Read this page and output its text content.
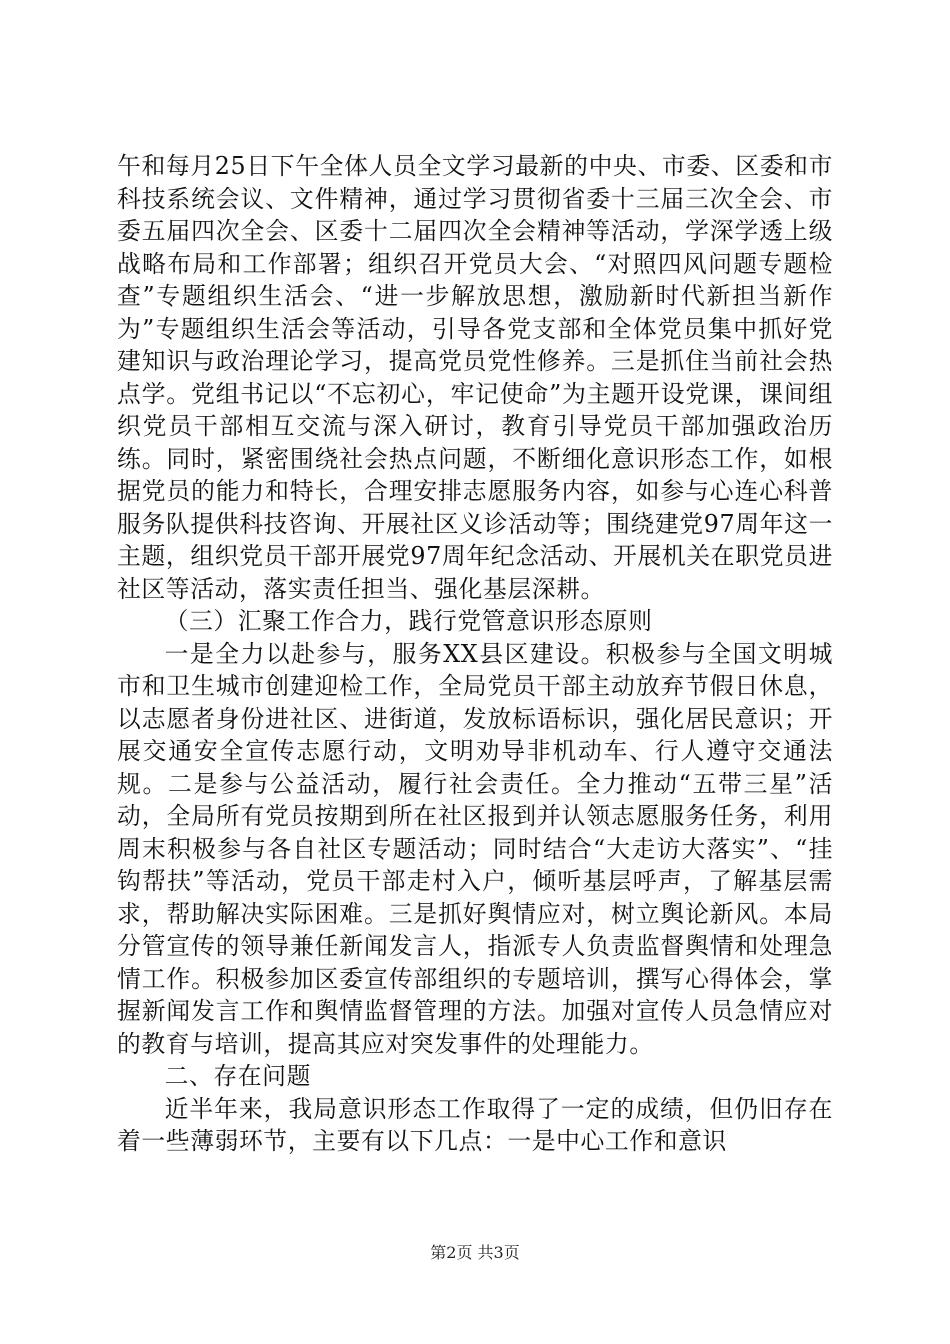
午和每月25日下午全体人员全文学习最新的中央、市委、区委和市科技系统会议、文件精神，通过学习贯彻省委十三届三次全会、市委五届四次全会、区委十二届四次全会精神等活动，学深学透上级战略布局和工作部署；组织召开党员大会、“对照四风问题专题检查”专题组织生活会、“进一步解放思想，激励新时代新担当新作为”专题组织生活会等活动，引导各党支部和全体党员集中抓好党建知识与政治理论学习，提高党员党性修养。三是抓住当前社会热点学。党组书记以“不忘初心，牢记使命”为主题开设党课，课间组织党员干部相互交流与深入研讨，教育引导党员干部加强政治历练。同时，紧密围绕社会热点问题，不断细化意识形态工作，如根据党员的能力和特长，合理安排志愿服务内容，如参与心连心科普服务队提供科技咨询、开展社区义诊活动等；围绕建党97周年这一主题，组织党员干部开展党97周年纪念活动、开展机关在职党员进社区等活动，落实责任担当、强化基层深耕。

（三）汇聚工作合力，践行党管意识形态原则

一是全力以赴参与，服务XX县区建设。积极参与全国文明城市和卫生城市创建迎检工作，全局党员干部主动放弃节假日休息，以志愿者身份进社区、进街道，发放标语标识，强化居民意识；开展交通安全宣传志愿行动，文明劝导非机动车、行人遵守交通法规。二是参与公益活动，履行社会责任。全力推动“五带三星”活动，全局所有党员按期到所在社区报到并认领志愿服务任务，利用周末积极参与各自社区专题活动；同时结合“大走访大落实”、“挂钩帮扶”等活动，党员干部走村入户，倾听基层呼声，了解基层需求，帮助解决实际困难。三是抓好舆情应对，树立舆论新风。本局分管宣传的领导兼任新闻发言人，指派专人负责监督舆情和处理急情工作。积极参加区委宣传部组织的专题培训，撰写心得体会，掌握新闻发言工作和舆情监督管理的方法。加强对宣传人员急情应对的教育与培训，提高其应对突发事件的处理能力。

二、存在问题

近半年来，我局意识形态工作取得了一定的成绩，但仍旧存在着一些薄弱环节，主要有以下几点：一是中心工作和意识

第2页 共3页
